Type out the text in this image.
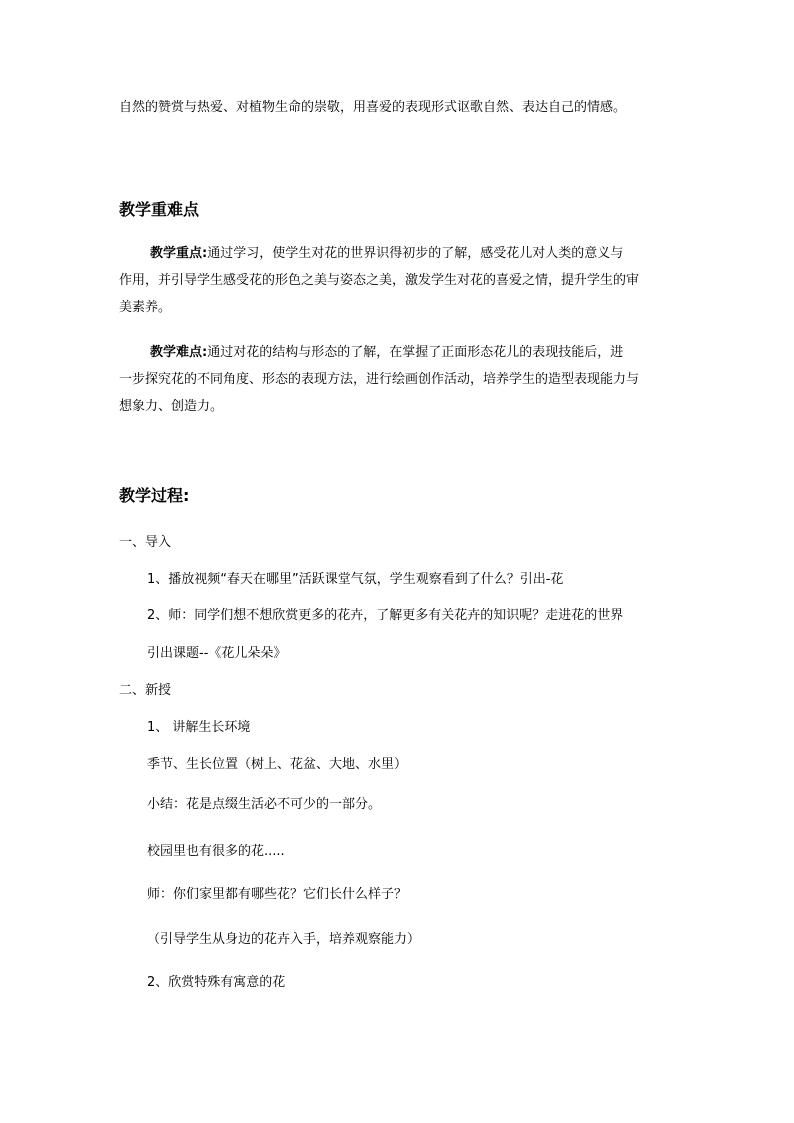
自然的赞赏与热爱、对植物生命的崇敬，用喜爱的表现形式讴歌自然、表达自己的情感。
教学重难点
教学重点:通过学习，使学生对花的世界识得初步的了解，感受花儿对人类的意义与
作用，并引导学生感受花的形色之美与姿态之美，激发学生对花的喜爱之情，提升学生的审
美素养。
教学难点:通过对花的结构与形态的了解，在掌握了正面形态花儿的表现技能后，进
一步探究花的不同角度、形态的表现方法，进行绘画创作活动，培养学生的造型表现能力与
想象力、创造力。
教学过程:
一、导入
1、播放视频“春天在哪里”活跃课堂气氛，学生观察看到了什么？引出-花
2、师：同学们想不想欣赏更多的花卉，了解更多有关花卉的知识呢？走进花的世界
引出课题--《花儿朵朵》
二、新授
1、 讲解生长环境
季节、生长位置（树上、花盆、大地、水里）
小结：花是点缀生活必不可少的一部分。
校园里也有很多的花.....
师：你们家里都有哪些花？它们长什么样子？
（引导学生从身边的花卉入手，培养观察能力）
2、欣赏特殊有寓意的花
